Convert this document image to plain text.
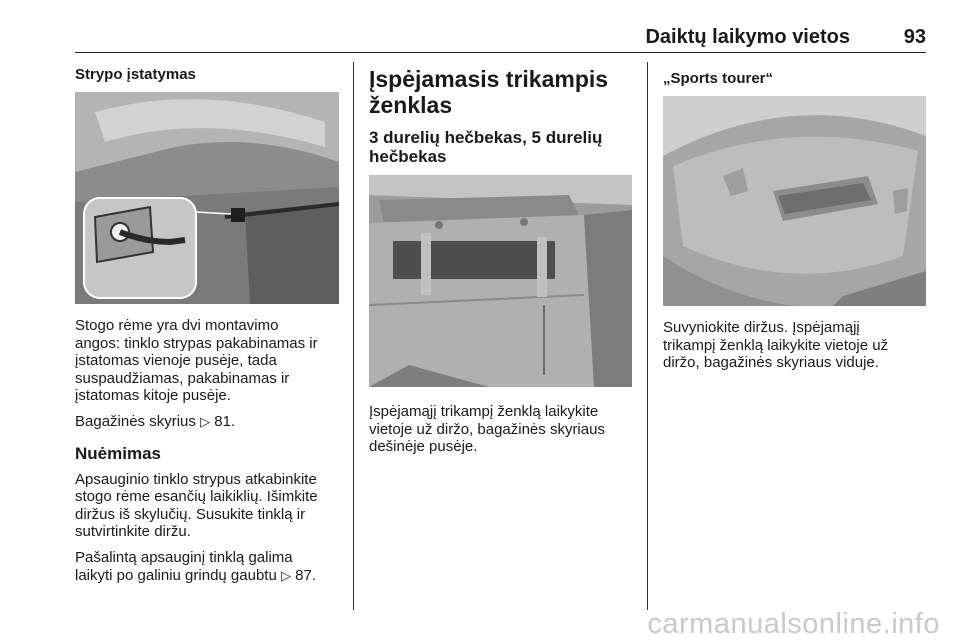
Daiktų laikymo vietos	93
Strypo įstatymas

Stogo rėme yra dvi montavimo

angos: tinklo strypas pakabinamas ir

įstatomas vienoje pusėje, tada

suspaudžiamas, pakabinamas ir

įstatomas kitoje pusėje.

Bagažinės skyrius ▷ 81.

Nuėmimas

Apsauginio tinklo strypus atkabinkite

stogo rėme esančių laikiklių. Išimkite

diržus iš skylučių. Susukite tinklą ir

sutvirtinkite diržu.

Pašalintą apsauginį tinklą galima

laikyti po galiniu grindų gaubtu ▷ 87.

Įspėjamasis trikampis
ženklas
3 durelių hečbekas, 5 durelių
hečbekas

Įspėjamąjį trikampį ženklą laikykite

vietoje už diržo, bagažinės skyriaus

dešinėje pusėje.

„Sports tourer“

Suvyniokite diržus. Įspėjamąjį

trikampį ženklą laikykite vietoje už

diržo, bagažinės skyriaus viduje.

carmanualsonline.info
